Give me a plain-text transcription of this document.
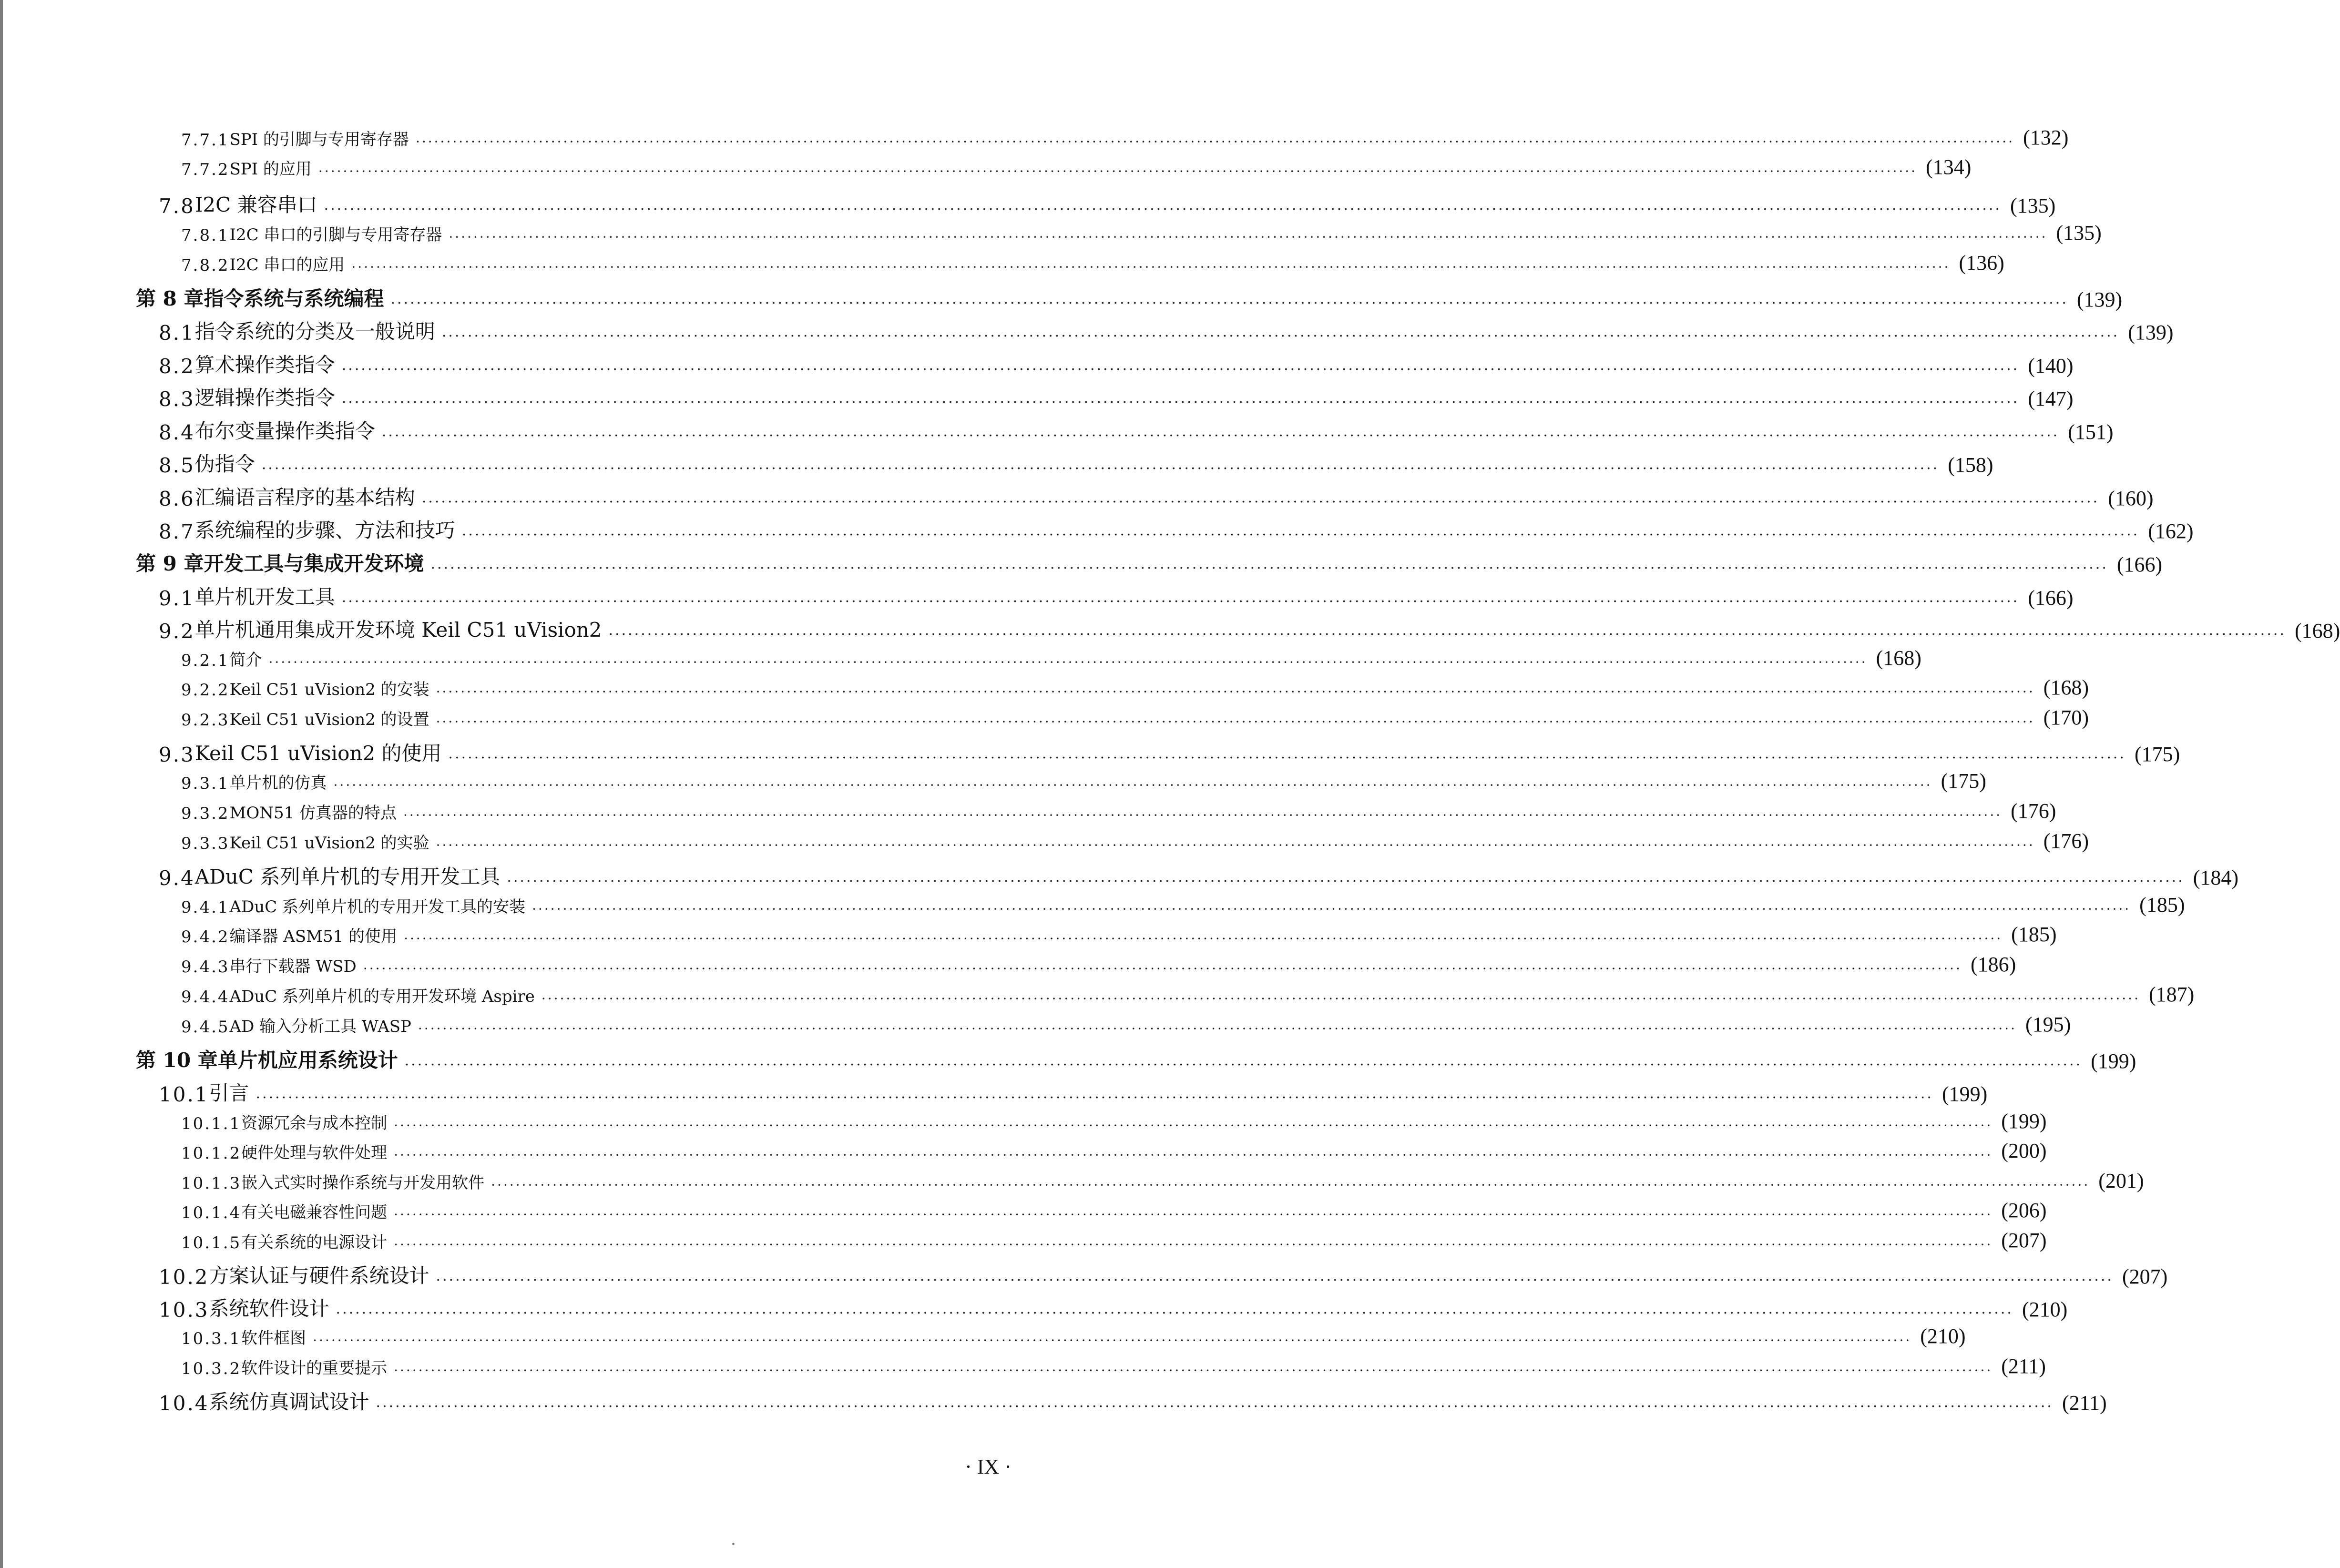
7.7.1 SPI 的引脚与专用寄存器 ···································································································································································································································································· (132)
7.7.2 SPI 的应用 ···································································································································································································································································· (134)
7.8 I2C 兼容串口 ···································································································································································································································································· (135)
7.8.1 I2C 串口的引脚与专用寄存器 ···································································································································································································································································· (135)
7.8.2 I2C 串口的应用 ···································································································································································································································································· (136)
第 8 章 指令系统与系统编程 ···································································································································································································································································· (139)
8.1 指令系统的分类及一般说明 ···································································································································································································································································· (139)
8.2 算术操作类指令 ···································································································································································································································································· (140)
8.3 逻辑操作类指令 ···································································································································································································································································· (147)
8.4 布尔变量操作类指令 ···································································································································································································································································· (151)
8.5 伪指令 ···································································································································································································································································· (158)
8.6 汇编语言程序的基本结构 ···································································································································································································································································· (160)
8.7 系统编程的步骤、方法和技巧 ···································································································································································································································································· (162)
第 9 章 开发工具与集成开发环境 ···································································································································································································································································· (166)
9.1 单片机开发工具 ···································································································································································································································································· (166)
9.2 单片机通用集成开发环境 Keil C51 uVision2 ···································································································································································································································································· (168)
9.2.1 简介 ···································································································································································································································································· (168)
9.2.2 Keil C51 uVision2 的安装 ···································································································································································································································································· (168)
9.2.3 Keil C51 uVision2 的设置 ···································································································································································································································································· (170)
9.3 Keil C51 uVision2 的使用 ···································································································································································································································································· (175)
9.3.1 单片机的仿真 ···································································································································································································································································· (175)
9.3.2 MON51 仿真器的特点 ···································································································································································································································································· (176)
9.3.3 Keil C51 uVision2 的实验 ···································································································································································································································································· (176)
9.4 ADuC 系列单片机的专用开发工具 ···································································································································································································································································· (184)
9.4.1 ADuC 系列单片机的专用开发工具的安装 ···································································································································································································································································· (185)
9.4.2 编译器 ASM51 的使用 ···································································································································································································································································· (185)
9.4.3 串行下载器 WSD ···································································································································································································································································· (186)
9.4.4 ADuC 系列单片机的专用开发环境 Aspire ···································································································································································································································································· (187)
9.4.5 AD 输入分析工具 WASP ···································································································································································································································································· (195)
第 10 章 单片机应用系统设计 ···································································································································································································································································· (199)
10.1 引言 ···································································································································································································································································· (199)
10.1.1 资源冗余与成本控制 ···································································································································································································································································· (199)
10.1.2 硬件处理与软件处理 ···································································································································································································································································· (200)
10.1.3 嵌入式实时操作系统与开发用软件 ···································································································································································································································································· (201)
10.1.4 有关电磁兼容性问题 ···································································································································································································································································· (206)
10.1.5 有关系统的电源设计 ···································································································································································································································································· (207)
10.2 方案认证与硬件系统设计 ···································································································································································································································································· (207)
10.3 系统软件设计 ···································································································································································································································································· (210)
10.3.1 软件框图 ···································································································································································································································································· (210)
10.3.2 软件设计的重要提示 ···································································································································································································································································· (211)
10.4 系统仿真调试设计 ···································································································································································································································································· (211)
· IX ·
